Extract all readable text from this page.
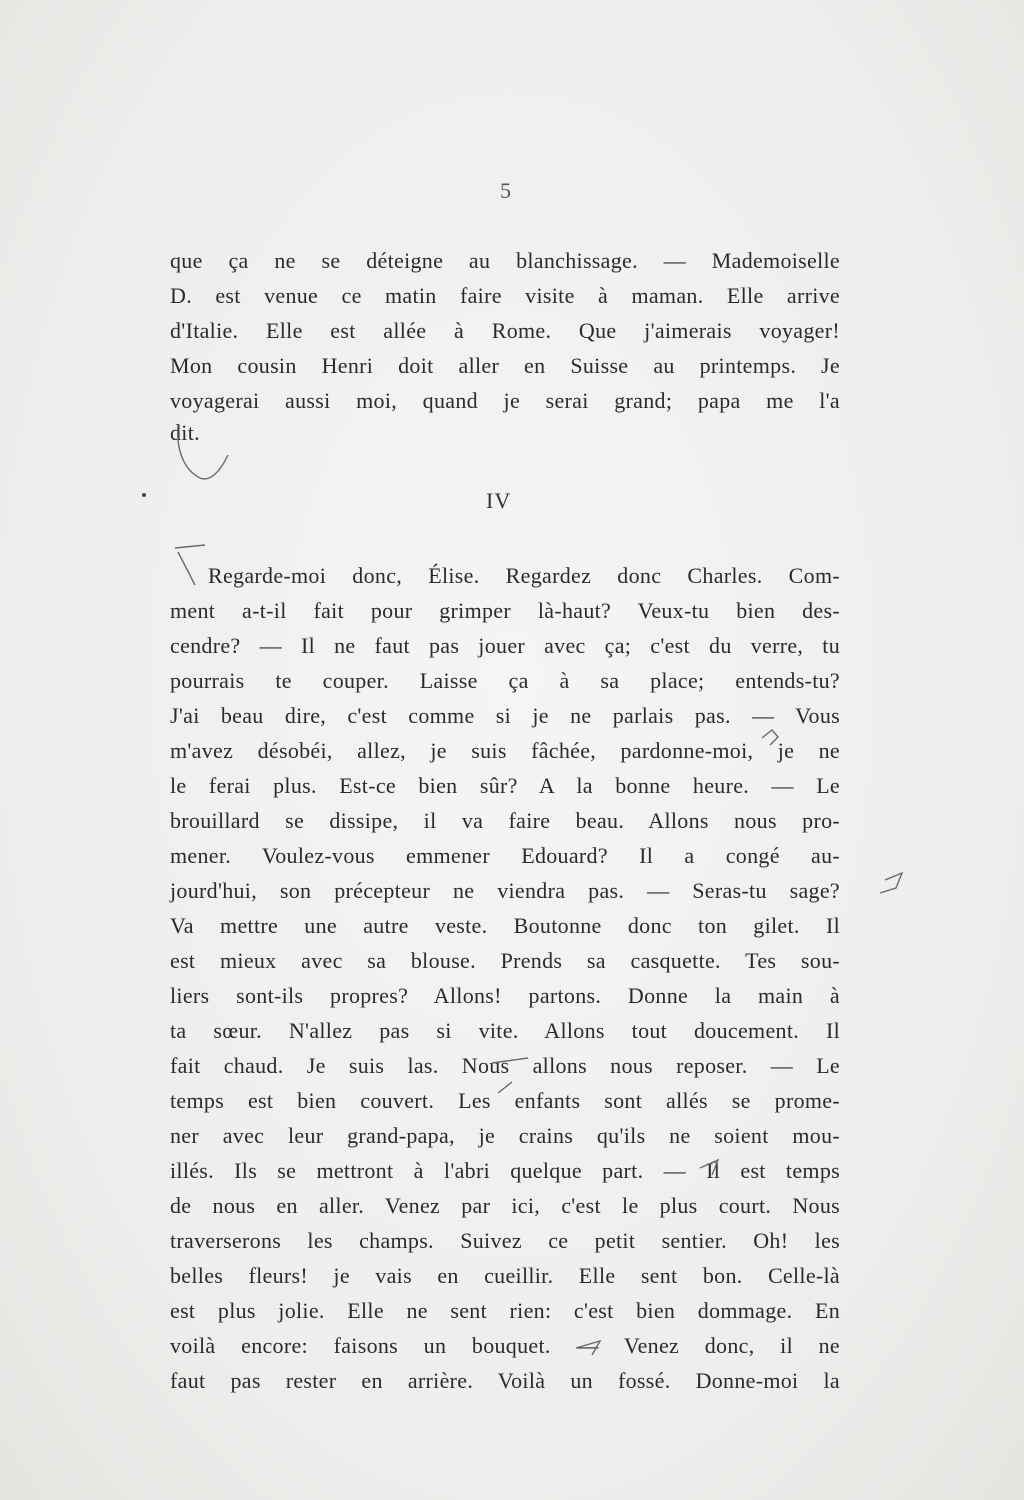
5
que ça ne se déteigne au blanchissage. — Mademoiselle
D. est venue ce matin faire visite à maman. Elle arrive
d'Italie. Elle est allée à Rome. Que j'aimerais voyager!
Mon cousin Henri doit aller en Suisse au printemps. Je
voyagerai aussi moi, quand je serai grand; papa me l'a
dit.
IV
Regarde-moi donc, Élise. Regardez donc Charles. Com-
ment a-t-il fait pour grimper là-haut? Veux-tu bien des-
cendre? — Il ne faut pas jouer avec ça; c'est du verre, tu
pourrais te couper. Laisse ça à sa place; entends-tu?
J'ai beau dire, c'est comme si je ne parlais pas. — Vous
m'avez désobéi, allez, je suis fâchée, pardonne-moi, je ne
le ferai plus. Est-ce bien sûr? A la bonne heure. — Le
brouillard se dissipe, il va faire beau. Allons nous pro-
mener. Voulez-vous emmener Edouard? Il a congé au-
jourd'hui, son précepteur ne viendra pas. — Seras-tu sage?
Va mettre une autre veste. Boutonne donc ton gilet. Il
est mieux avec sa blouse. Prends sa casquette. Tes sou-
liers sont-ils propres? Allons! partons. Donne la main à
ta sœur. N'allez pas si vite. Allons tout doucement. Il
fait chaud. Je suis las. Nous allons nous reposer. — Le
temps est bien couvert. Les enfants sont allés se prome-
ner avec leur grand-papa, je crains qu'ils ne soient mou-
illés. Ils se mettront à l'abri quelque part. — Il est temps
de nous en aller. Venez par ici, c'est le plus court. Nous
traverserons les champs. Suivez ce petit sentier. Oh! les
belles fleurs! je vais en cueillir. Elle sent bon. Celle-là
est plus jolie. Elle ne sent rien: c'est bien dommage. En
voilà encore: faisons un bouquet. — Venez donc, il ne
faut pas rester en arrière. Voilà un fossé. Donne-moi la
